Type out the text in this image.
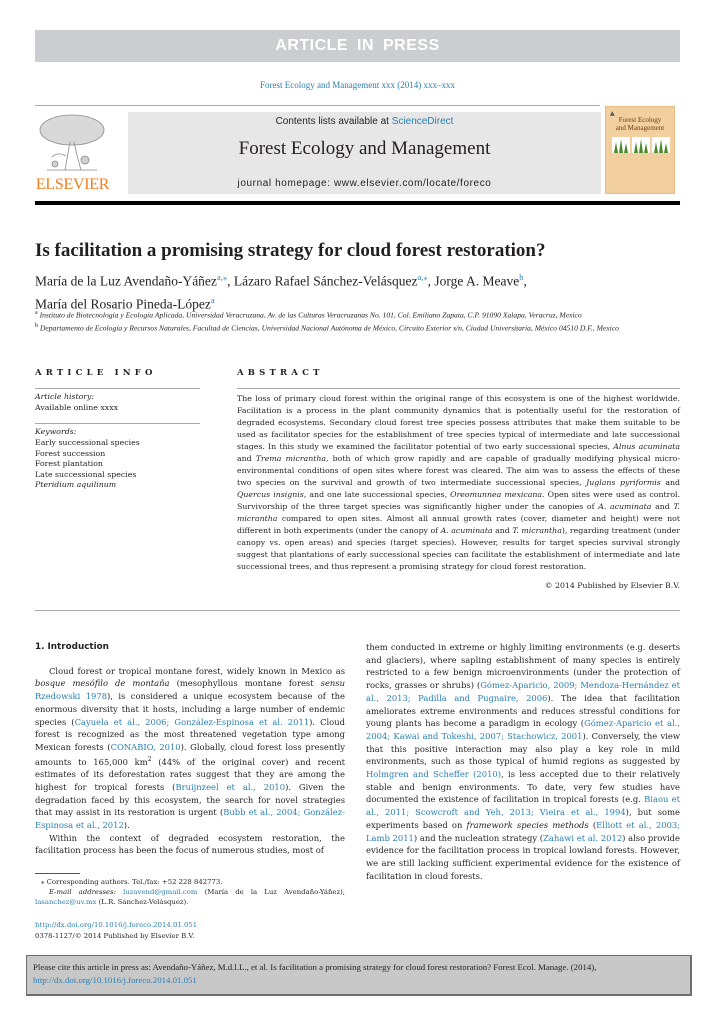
ARTICLE IN PRESS
Forest Ecology and Management xxx (2014) xxx–xxx
ELSEVIER
Contents lists available at ScienceDirect
Forest Ecology and Management
journal homepage: www.elsevier.com/locate/foreco
▲
Forest Ecology
and Management
Is facilitation a promising strategy for cloud forest restoration?
María de la Luz Avendaño-Yáñez$^{a,⁎}$, Lázaro Rafael Sánchez-Velásquez$^{a,⁎}$, Jorge A. Meave$^b$,
María del Rosario Pineda-López$^a$
$^a$ Instituto de Biotecnología y Ecología Aplicada, Universidad Veracruzana, Av. de las Culturas Veracruzanas No. 101, Col. Emiliano Zapata, C.P. 91090 Xalapa, Veracruz, Mexico
$^b$ Departamento de Ecología y Recursos Naturales, Facultad de Ciencias, Universidad Nacional Autónoma de México, Circuito Exterior s/n, Ciudad Universitaria, México 04510 D.F., Mexico
ARTICLE INFO
Article history:
Available online xxxx
Keywords:
Early successional species
Forest succession
Forest plantation
Late successional species
Pteridium aquilinum
ABSTRACT

The loss of primary cloud forest within the original range of this ecosystem is one of the highest worldwide. Facilitation is a process in the plant community dynamics that is potentially useful for the restoration of degraded ecosystems. Secondary cloud forest tree species possess attributes that make them suitable to be used as facilitator species for the establishment of tree species typical of intermediate and late successional stages. In this study we examined the facilitator potential of two early successional species, Alnus acuminata and Trema micrantha, both of which grow rapidly and are capable of gradually modifying physical micro-environmental conditions of open sites where forest was cleared. The aim was to assess the effects of these two species on the survival and growth of two intermediate successional species, Juglans pyriformis and Quercus insignis, and one late successional species, Oreomunnea mexicana. Open sites were used as control. Survivorship of the three target species was significantly higher under the canopies of A. acuminata and T. micrantha compared to open sites. Almost all annual growth rates (cover, diameter and height) were not different in both experiments (under the canopy of A. acuminata and T. micrantha), regarding treatment (under canopy vs. open areas) and species (target species). However, results for target species survival strongly suggest that plantations of early successional species can facilitate the establishment of intermediate and late successional trees, and thus represent a promising strategy for cloud forest restoration.

© 2014 Published by Elsevier B.V.
1. Introduction

Cloud forest or tropical montane forest, widely known in Mexico as bosque mesófilo de montaña (mesophyllous montane forest sensu Rzedowski 1978), is considered a unique ecosystem because of the enormous diversity that it hosts, including a large number of endemic species (Cayuela et al., 2006; González-Espinosa et al. 2011). Cloud forest is recognized as the most threatened vegetation type among Mexican forests (CONABIO, 2010). Globally, cloud forest loss presently amounts to 165,000 $km^2$ (44% of the original cover) and recent estimates of its deforestation rates suggest that they are among the highest for tropical forests (Bruijnzeel et al., 2010). Given the degradation faced by this ecosystem, the search for novel strategies that may assist in its restoration is urgent (Bubb et al., 2004; González-Espinosa et al., 2012).

Within the context of degraded ecosystem restoration, the facilitation process has been the focus of numerous studies, most of

them conducted in extreme or highly limiting environments (e.g. deserts and glaciers), where sapling establishment of many species is entirely restricted to a few benign microenvironments (under the protection of rocks, grasses or shrubs) (Gómez-Aparicio, 2009; Mendoza-Hernández et al., 2013; Padilla and Pugnaire, 2006). The idea that facilitation ameliorates extreme environments and reduces stressful conditions for young plants has become a paradigm in ecology (Gómez-Aparicio et al., 2004; Kawai and Tokeshi, 2007; Stachowicz, 2001). Conversely, the view that this positive interaction may also play a key role in mild environments, such as those typical of humid regions as suggested by Holmgren and Scheffer (2010), is less accepted due to their relatively stable and benign environments. To date, very few studies have documented the existence of facilitation in tropical forests (e.g. Biaou et al., 2011; Scowcroft and Yeh, 2013; Vieira et al., 1994), but some experiments based on framework species methods (Elliott et al., 2003; Lamb 2011) and the nucleation strategy (Zahawi et al. 2012) also provide evidence for the facilitation process in tropical lowland forests. However, we are still lacking sufficient experimental evidence for the existence of facilitation in cloud forests.

⁎ Corresponding authors. Tel./fax: +52 228 842773.
E-mail addresses: luzavend@gmail.com (María de la Luz Avendaño-Yáñez), lasanchez@uv.mx (L.R. Sánchez-Velásquez).
http://dx.doi.org/10.1016/j.foreco.2014.01.051
0378-1127/© 2014 Published by Elsevier B.V.
Please cite this article in press as: Avendaño-Yáñez, M.d.l.L., et al. Is facilitation a promising strategy for cloud forest restoration? Forest Ecol. Manage. (2014), http://dx.doi.org/10.1016/j.foreco.2014.01.051
